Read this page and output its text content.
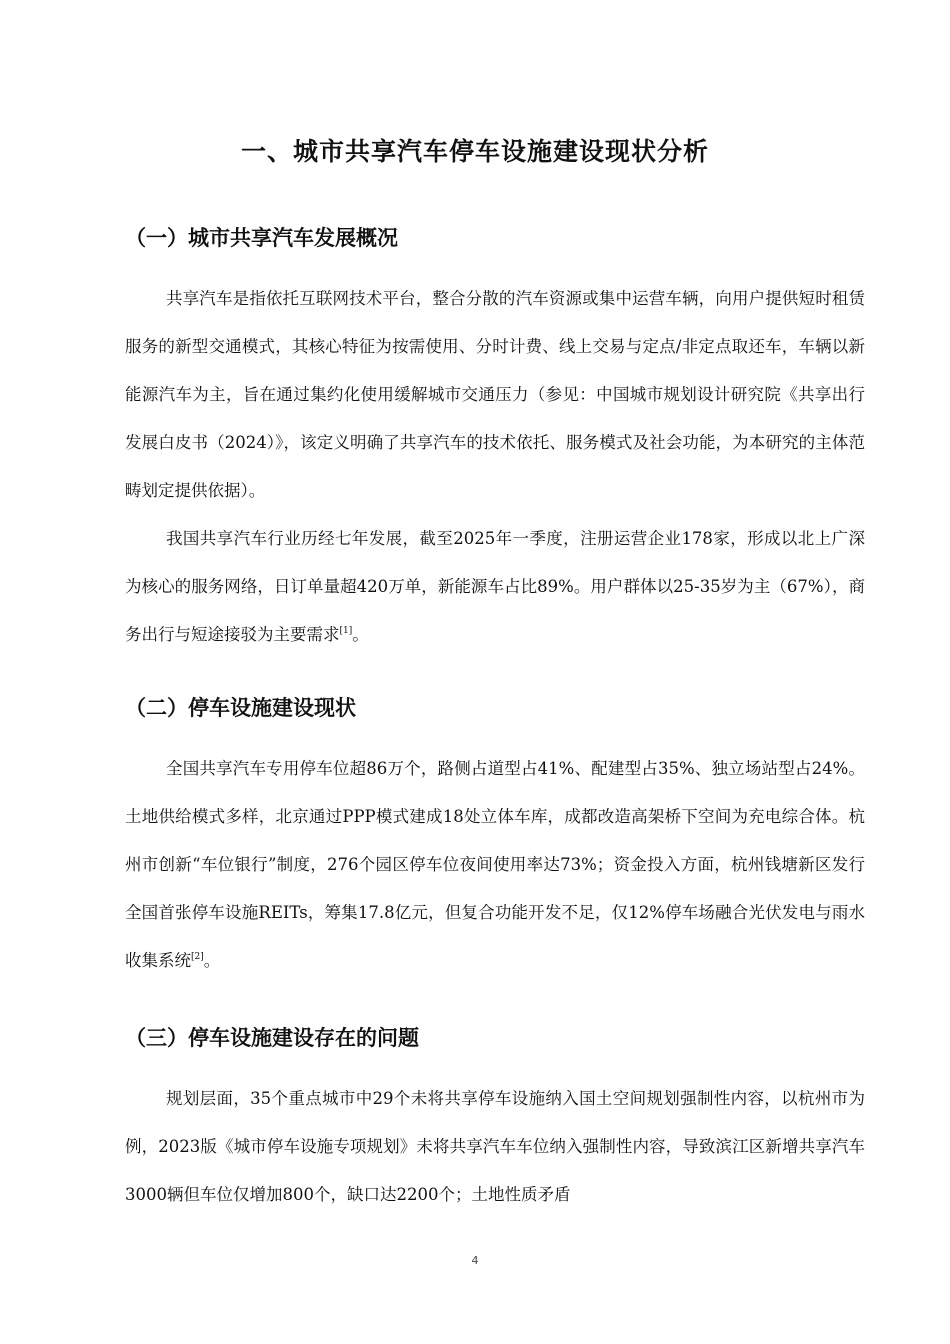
一、城市共享汽车停车设施建设现状分析
（一）城市共享汽车发展概况

共享汽车是指依托互联网技术平台，整合分散的汽车资源或集中运营车辆，向用户提供短时租赁服务的新型交通模式，其核心特征为按需使用、分时计费、线上交易与定点/非定点取还车，车辆以新能源汽车为主，旨在通过集约化使用缓解城市交通压力（参见：中国城市规划设计研究院《共享出行发展白皮书（2024）》，该定义明确了共享汽车的技术依托、服务模式及社会功能，为本研究的主体范畴划定提供依据）。

我国共享汽车行业历经七年发展，截至2025年一季度，注册运营企业178家，形成以北上广深为核心的服务网络，日订单量超420万单，新能源车占比89%。用户群体以25-35岁为主（67%），商务出行与短途接驳为主要需求[1]。

（二）停车设施建设现状

全国共享汽车专用停车位超86万个，路侧占道型占41%、配建型占35%、独立场站型占24%。土地供给模式多样，北京通过PPP模式建成18处立体车库，成都改造高架桥下空间为充电综合体。杭州市创新“车位银行”制度，276个园区停车位夜间使用率达73%；资金投入方面，杭州钱塘新区发行全国首张停车设施REITs，筹集17.8亿元，但复合功能开发不足，仅12%停车场融合光伏发电与雨水收集系统[2]。

（三）停车设施建设存在的问题

规划层面，35个重点城市中29个未将共享停车设施纳入国土空间规划强制性内容，以杭州市为例，2023版《城市停车设施专项规划》未将共享汽车车位纳入强制性内容，导致滨江区新增共享汽车3000辆但车位仅增加800个，缺口达2200个；土地性质矛盾

4
